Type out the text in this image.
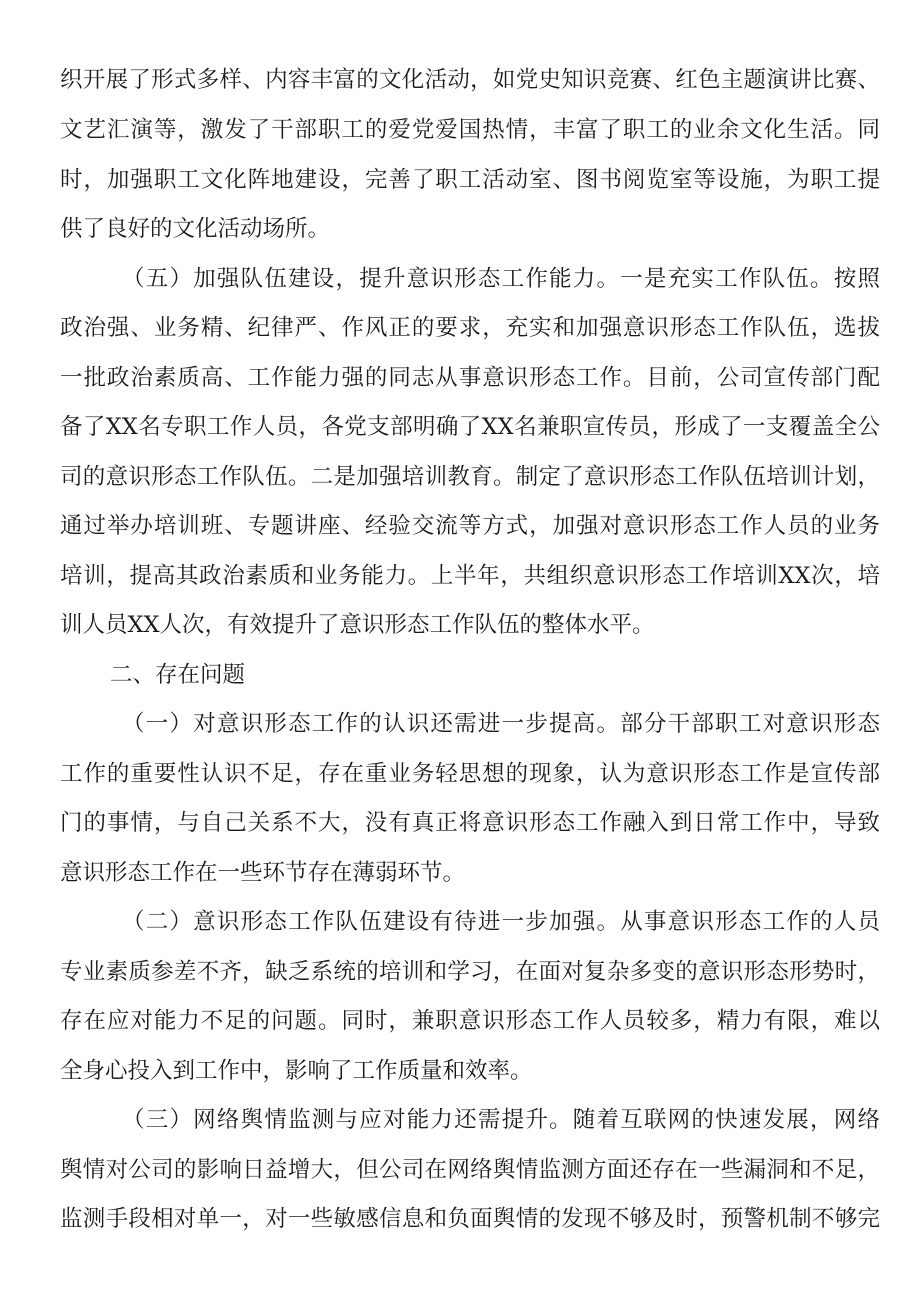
织开展了形式多样、内容丰富的文化活动，如党史知识竞赛、红色主题演讲比赛、

文艺汇演等，激发了干部职工的爱党爱国热情，丰富了职工的业余文化生活。同

时，加强职工文化阵地建设，完善了职工活动室、图书阅览室等设施，为职工提

供了良好的文化活动场所。

（五）加强队伍建设，提升意识形态工作能力。一是充实工作队伍。按照

政治强、业务精、纪律严、作风正的要求，充实和加强意识形态工作队伍，选拔

一批政治素质高、工作能力强的同志从事意识形态工作。目前，公司宣传部门配

备了XX名专职工作人员，各党支部明确了XX名兼职宣传员，形成了一支覆盖全公

司的意识形态工作队伍。二是加强培训教育。制定了意识形态工作队伍培训计划，

通过举办培训班、专题讲座、经验交流等方式，加强对意识形态工作人员的业务

培训，提高其政治素质和业务能力。上半年，共组织意识形态工作培训XX次，培

训人员XX人次，有效提升了意识形态工作队伍的整体水平。

二、存在问题

（一）对意识形态工作的认识还需进一步提高。部分干部职工对意识形态

工作的重要性认识不足，存在重业务轻思想的现象，认为意识形态工作是宣传部

门的事情，与自己关系不大，没有真正将意识形态工作融入到日常工作中，导致

意识形态工作在一些环节存在薄弱环节。

（二）意识形态工作队伍建设有待进一步加强。从事意识形态工作的人员

专业素质参差不齐，缺乏系统的培训和学习，在面对复杂多变的意识形态形势时，

存在应对能力不足的问题。同时，兼职意识形态工作人员较多，精力有限，难以

全身心投入到工作中，影响了工作质量和效率。

（三）网络舆情监测与应对能力还需提升。随着互联网的快速发展，网络

舆情对公司的影响日益增大，但公司在网络舆情监测方面还存在一些漏洞和不足，

监测手段相对单一，对一些敏感信息和负面舆情的发现不够及时，预警机制不够完
